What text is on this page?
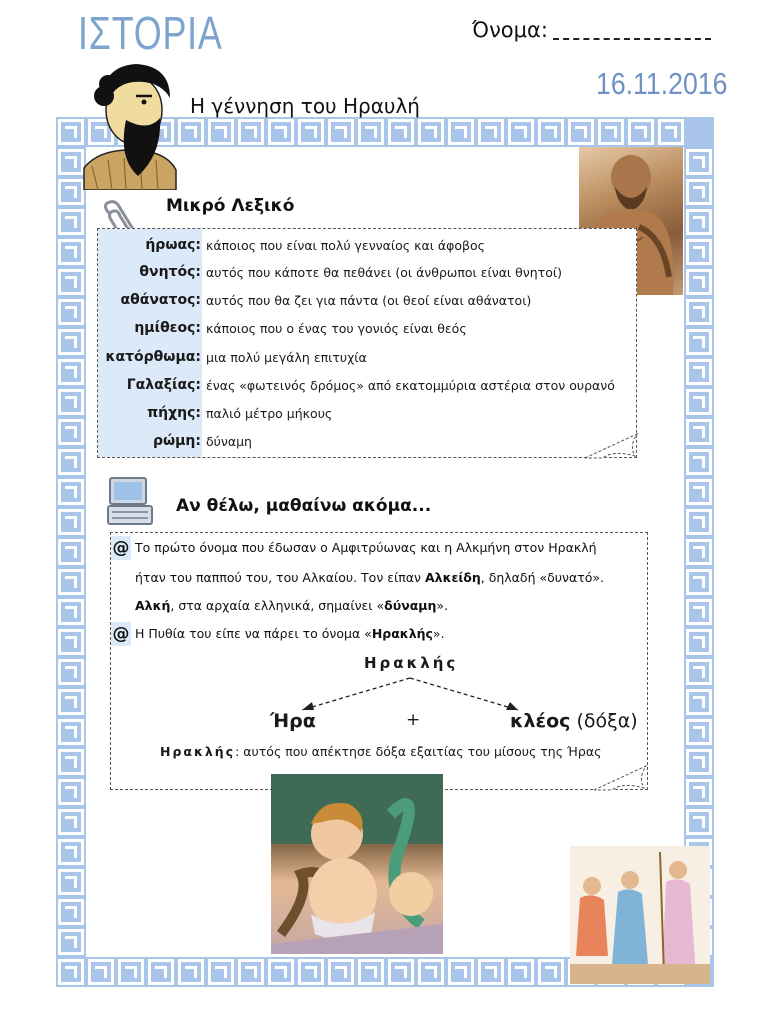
ΙΣΤΟΡΙΑ	Όνομα:
16.11.2016
Η γέννηση του Ηραυλή
Μικρό Λεξικό
ήρωας: κάποιος που είναι πολύ γενναίος και άφοβος
θνητός: αυτός που κάποτε θα πεθάνει (οι άνθρωποι είναι θνητοί)
αθάνατος: αυτός που θα ζει για πάντα (οι θεοί είναι αθάνατοι)
ημίθεος: κάποιος που ο ένας του γονιός είναι θεός
κατόρθωμα: μια πολύ μεγάλη επιτυχία
Γαλαξίας: ένας «φωτεινός δρόμος» από εκατομμύρια αστέρια στον ουρανό
πήχης: παλιό μέτρο μήκους
ρώμη: δύναμη
Αν θέλω, μαθαίνω ακόμα...
@ Το πρώτο όνομα που έδωσαν ο Αμφιτρύωνας και η Αλκμήνη στον Ηρακλή
ήταν του παππού του, του Αλκαίου. Τον είπαν Αλκείδη, δηλαδή «δυνατό».
Αλκή, στα αρχαία ελληνικά, σημαίνει «δύναμη».
@ Η Πυθία του είπε να πάρει το όνομα «Ηρακλής».
Ηρακλής
Ήρα	+	κλέος (δόξα)
Ηρακλής: αυτός που απέκτησε δόξα εξαιτίας του μίσους της Ήρας
